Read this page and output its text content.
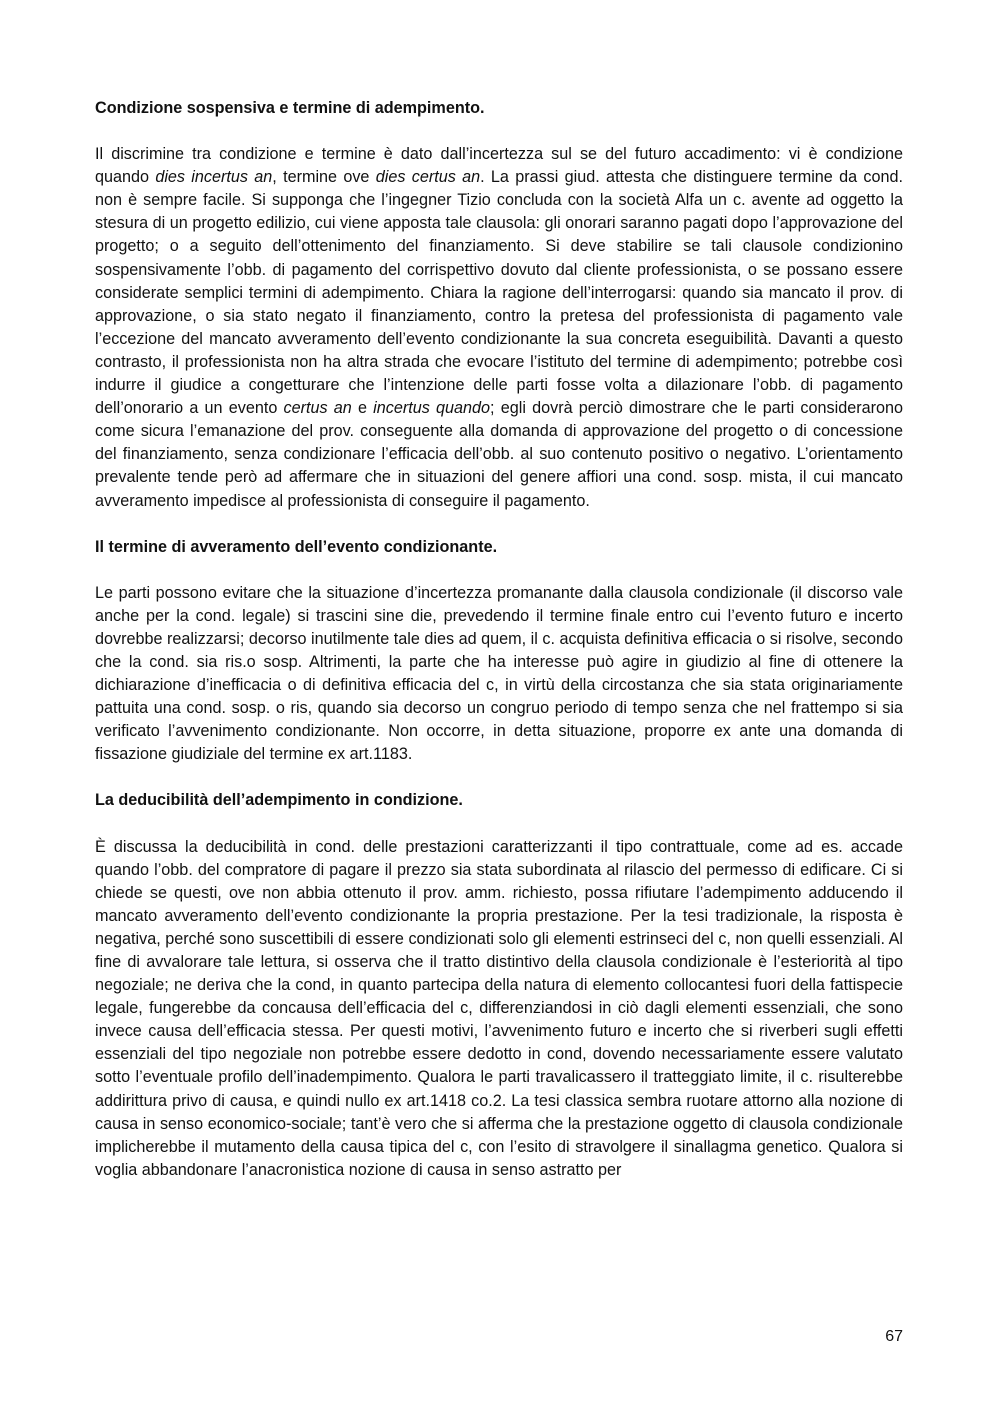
Condizione sospensiva e termine di adempimento.

Il discrimine tra condizione e termine è dato dall’incertezza sul se del futuro accadimento: vi è condizione quando dies incertus an, termine ove dies certus an. La prassi giud. attesta che distinguere termine da cond. non è sempre facile. Si supponga che l’ingegner Tizio concluda con la società Alfa un c. avente ad oggetto la stesura di un progetto edilizio, cui viene apposta tale clausola: gli onorari saranno pagati dopo l’approvazione del progetto; o a seguito dell’ottenimento del finanziamento. Si deve stabilire se tali clausole condizionino sospensivamente l’obb. di pagamento del corrispettivo dovuto dal cliente professionista, o se possano essere considerate semplici termini di adempimento. Chiara la ragione dell’interrogarsi: quando sia mancato il prov. di approvazione, o sia stato negato il finanziamento, contro la pretesa del professionista di pagamento vale l’eccezione del mancato avveramento dell’evento condizionante la sua concreta eseguibilità. Davanti a questo contrasto, il professionista non ha altra strada che evocare l’istituto del termine di adempimento; potrebbe così indurre il giudice a congetturare che l’intenzione delle parti fosse volta a dilazionare l’obb. di pagamento dell’onorario a un evento certus an e incertus quando; egli dovrà perciò dimostrare che le parti considerarono come sicura l’emanazione del prov. conseguente alla domanda di approvazione del progetto o di concessione del finanziamento, senza condizionare l’efficacia dell’obb. al suo contenuto positivo o negativo. L’orientamento prevalente tende però ad affermare che in situazioni del genere affiori una cond. sosp. mista, il cui mancato avveramento impedisce al professionista di conseguire il pagamento.

Il termine di avveramento dell’evento condizionante.

Le parti possono evitare che la situazione d’incertezza promanante dalla clausola condizionale (il discorso vale anche per la cond. legale) si trascini sine die, prevedendo il termine finale entro cui l’evento futuro e incerto dovrebbe realizzarsi; decorso inutilmente tale dies ad quem, il c. acquista definitiva efficacia o si risolve, secondo che la cond. sia ris.o sosp. Altrimenti, la parte che ha interesse può agire in giudizio al fine di ottenere la dichiarazione d’inefficacia o di definitiva efficacia del c, in virtù della circostanza che sia stata originariamente pattuita una cond. sosp. o ris, quando sia decorso un congruo periodo di tempo senza che nel frattempo si sia verificato l’avvenimento condizionante. Non occorre, in detta situazione, proporre ex ante una domanda di fissazione giudiziale del termine ex art.1183.

La deducibilità dell’adempimento in condizione.

È discussa la deducibilità in cond. delle prestazioni caratterizzanti il tipo contrattuale, come ad es. accade quando l’obb. del compratore di pagare il prezzo sia stata subordinata al rilascio del permesso di edificare. Ci si chiede se questi, ove non abbia ottenuto il prov. amm. richiesto, possa rifiutare l’adempimento adducendo il mancato avveramento dell’evento condizionante la propria prestazione. Per la tesi tradizionale, la risposta è negativa, perché sono suscettibili di essere condizionati solo gli elementi estrinseci del c, non quelli essenziali. Al fine di avvalorare tale lettura, si osserva che il tratto distintivo della clausola condizionale è l’esteriorità al tipo negoziale; ne deriva che la cond, in quanto partecipa della natura di elemento collocantesi fuori della fattispecie legale, fungerebbe da concausa dell’efficacia del c, differenziandosi in ciò dagli elementi essenziali, che sono invece causa dell’efficacia stessa. Per questi motivi, l’avvenimento futuro e incerto che si riverberi sugli effetti essenziali del tipo negoziale non potrebbe essere dedotto in cond, dovendo necessariamente essere valutato sotto l’eventuale profilo dell’inadempimento. Qualora le parti travalicassero il tratteggiato limite, il c. risulterebbe addirittura privo di causa, e quindi nullo ex art.1418 co.2. La tesi classica sembra ruotare attorno alla nozione di causa in senso economico-sociale; tant’è vero che si afferma che la prestazione oggetto di clausola condizionale implicherebbe il mutamento della causa tipica del c, con l’esito di stravolgere il sinallagma genetico. Qualora si voglia abbandonare l’anacronistica nozione di causa in senso astratto per

67
